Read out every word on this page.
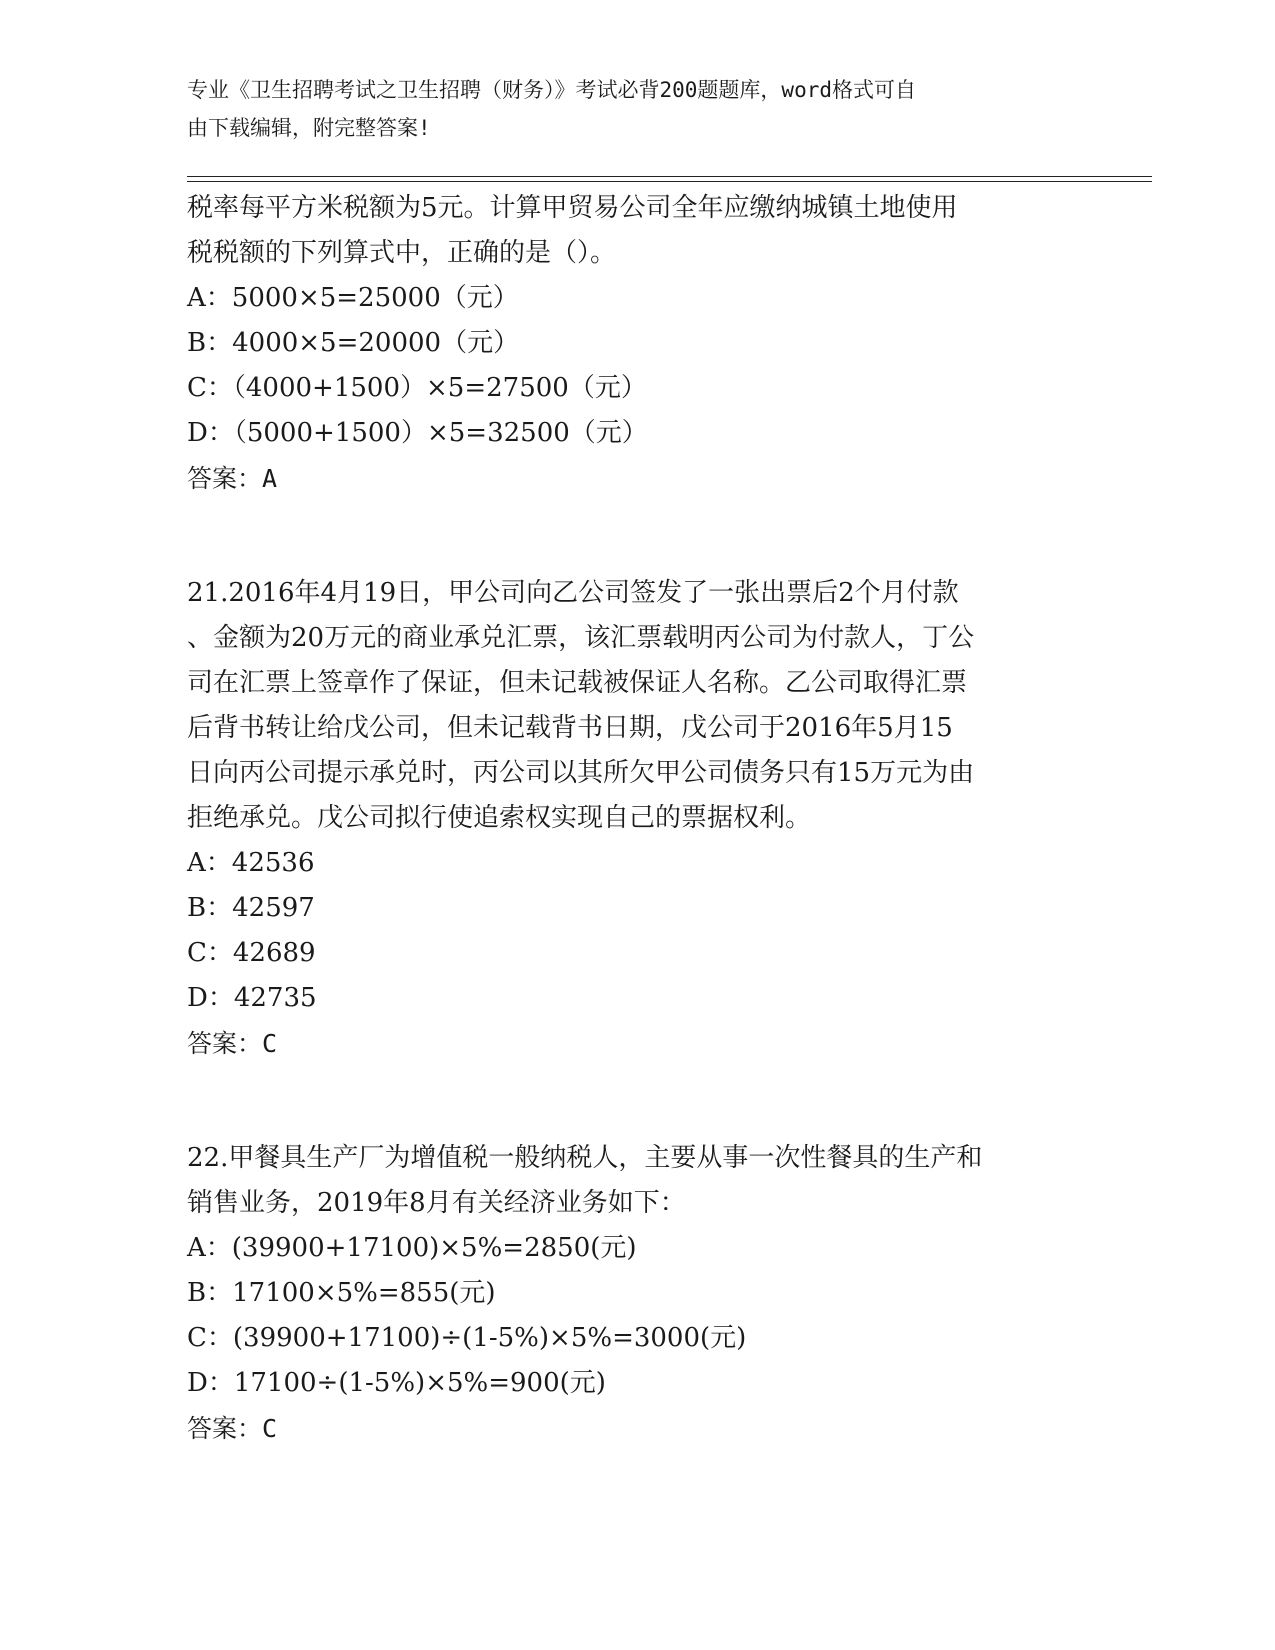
专业《卫生招聘考试之卫生招聘（财务）》考试必背200题题库，word格式可自
由下载编辑，附完整答案!
税率每平方米税额为5元。计算甲贸易公司全年应缴纳城镇土地使用
税税额的下列算式中，正确的是（）。
A：5000×5=25000（元）
B：4000×5=20000（元）
C：（4000+1500）×5=27500（元）
D：（5000+1500）×5=32500（元）
答案：A
21.2016年4月19日，甲公司向乙公司签发了一张出票后2个月付款
、金额为20万元的商业承兑汇票，该汇票载明丙公司为付款人，丁公
司在汇票上签章作了保证，但未记载被保证人名称。乙公司取得汇票
后背书转让给戊公司，但未记载背书日期，戊公司于2016年5月15
日向丙公司提示承兑时，丙公司以其所欠甲公司债务只有15万元为由
拒绝承兑。戊公司拟行使追索权实现自己的票据权利。
A：42536
B：42597
C：42689
D：42735
答案：C
22.甲餐具生产厂为增值税一般纳税人，主要从事一次性餐具的生产和
销售业务，2019年8月有关经济业务如下：
A：(39900+17100)×5%=2850(元)
B：17100×5%=855(元)
C：(39900+17100)÷(1-5%)×5%=3000(元)
D：17100÷(1-5%)×5%=900(元)
答案：C
